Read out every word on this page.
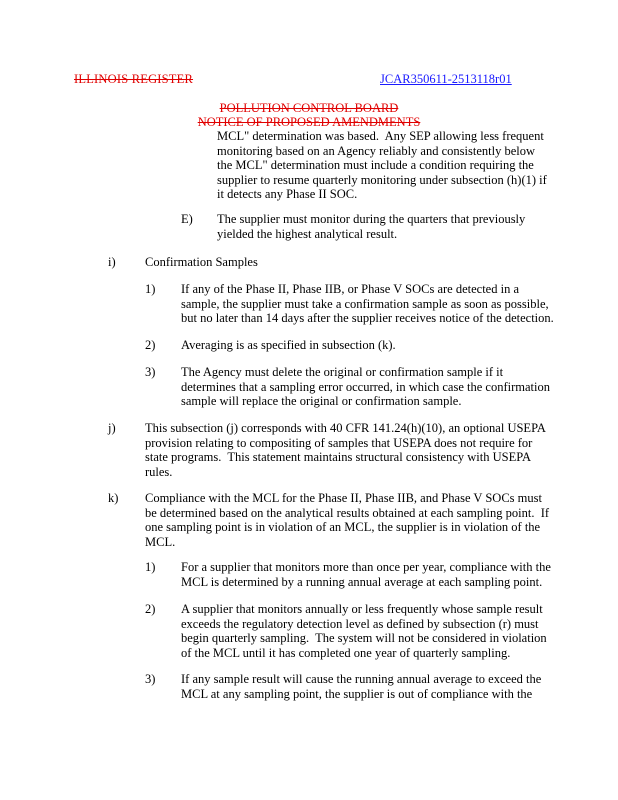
ILLINOIS REGISTER	JCAR350611-2513118r01
POLLUTION CONTROL BOARD
NOTICE OF PROPOSED AMENDMENTS
MCL" determination was based.  Any SEP allowing less frequent
monitoring based on an Agency reliably and consistently below
the MCL" determination must include a condition requiring the
supplier to resume quarterly monitoring under subsection (h)(1) if
it detects any Phase II SOC.
E) The supplier must monitor during the quarters that previously
yielded the highest analytical result.
i) Confirmation Samples
1) If any of the Phase II, Phase IIB, or Phase V SOCs are detected in a
sample, the supplier must take a confirmation sample as soon as possible,
but no later than 14 days after the supplier receives notice of the detection.
2) Averaging is as specified in subsection (k).
3) The Agency must delete the original or confirmation sample if it
determines that a sampling error occurred, in which case the confirmation
sample will replace the original or confirmation sample.
j) This subsection (j) corresponds with 40 CFR 141.24(h)(10), an optional USEPA
provision relating to compositing of samples that USEPA does not require for
state programs.  This statement maintains structural consistency with USEPA
rules.
k) Compliance with the MCL for the Phase II, Phase IIB, and Phase V SOCs must
be determined based on the analytical results obtained at each sampling point.  If
one sampling point is in violation of an MCL, the supplier is in violation of the
MCL.
1) For a supplier that monitors more than once per year, compliance with the
MCL is determined by a running annual average at each sampling point.
2) A supplier that monitors annually or less frequently whose sample result
exceeds the regulatory detection level as defined by subsection (r) must
begin quarterly sampling.  The system will not be considered in violation
of the MCL until it has completed one year of quarterly sampling.
3) If any sample result will cause the running annual average to exceed the
MCL at any sampling point, the supplier is out of compliance with the
